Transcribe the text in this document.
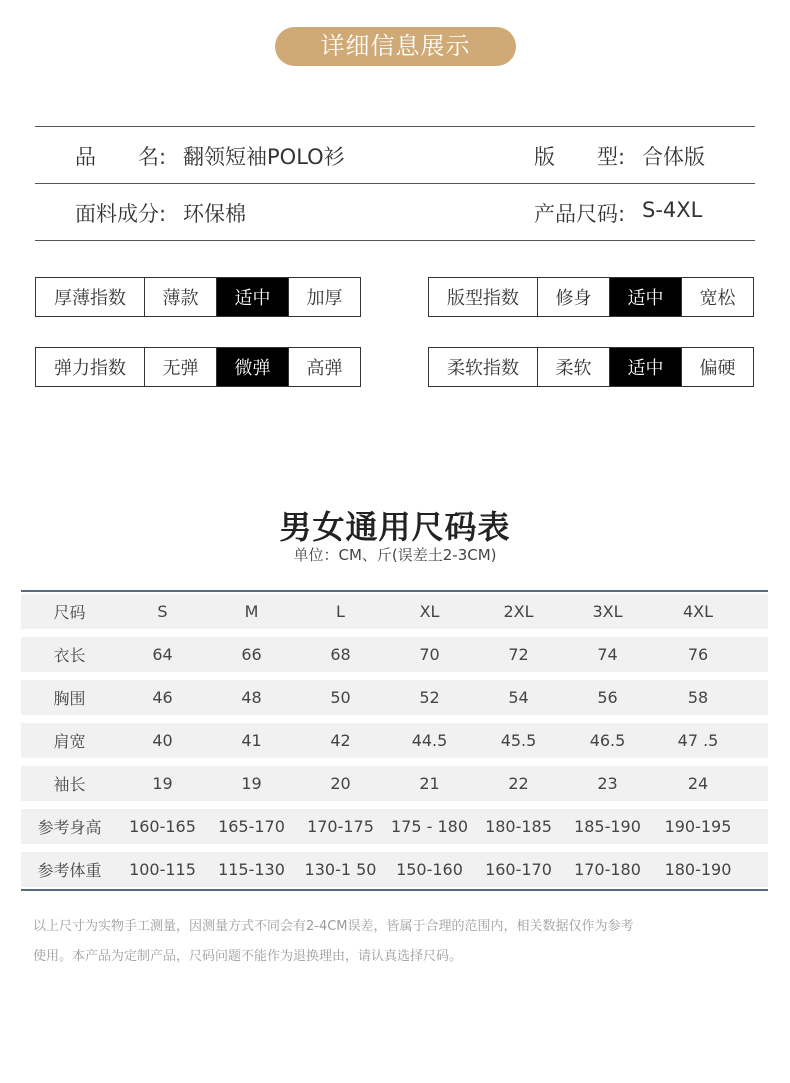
详细信息展示
品　　名: 翻领短袖POLO衫	版　　型: 合体版
面料成分: 环保棉	产品尺码: S-4XL
厚薄指数	薄款	适中	加厚	版型指数	修身	适中	宽松
弹力指数	无弹	微弹	高弹	柔软指数	柔软	适中	偏硬
男女通用尺码表
单位：CM、斤(误差土2-3CM)
尺码	S	M	L	XL	2XL	3XL	4XL
衣长	64	66	68	70	72	74	76
胸围	46	48	50	52	54	56	58
肩宽	40	41	42	44.5	45.5	46.5	47 .5
袖长	19	19	20	21	22	23	24
参考身高	160-165	165-170	170-175	175 - 180	180-185	185-190	190-195
参考体重	100-115	115-130	130-1 50	150-160	160-170	170-180	180-190
以上尺寸为实物手工测量，因测量方式不同会有2-4CM误差，皆属于合理的范围内，相关数据仅作为参考
使用。本产品为定制产品，尺码问题不能作为退换理由，请认真选择尺码。
